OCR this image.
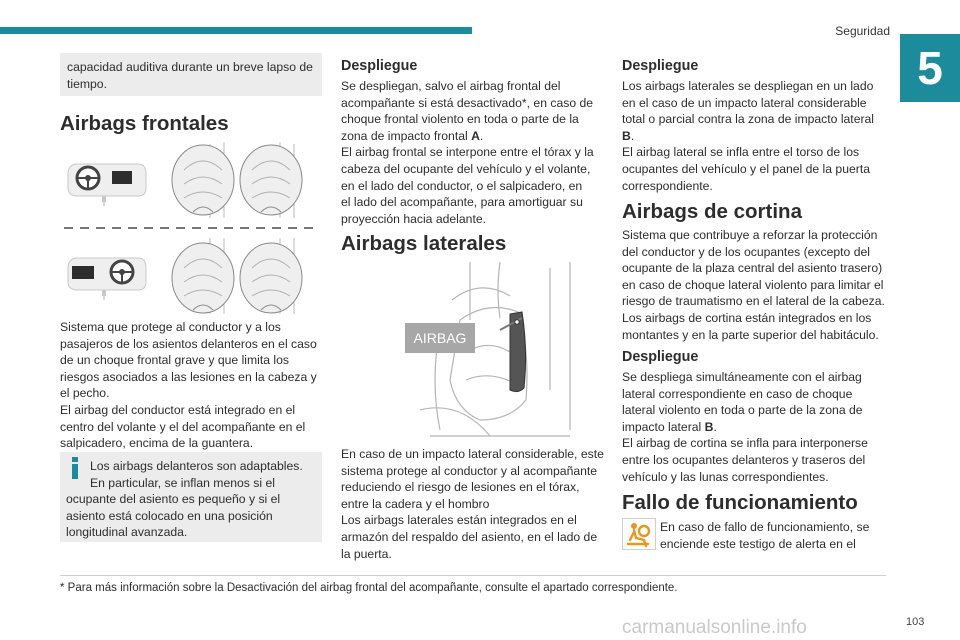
Seguridad
5
capacidad auditiva durante un breve lapso de
tiempo.
Airbags frontales
Sistema que protege al conductor y a los
pasajeros de los asientos delanteros en el caso
de un choque frontal grave y que limita los
riesgos asociados a las lesiones en la cabeza y
el pecho.
El airbag del conductor está integrado en el
centro del volante y el del acompañante en el
salpicadero, encima de la guantera.
Los airbags delanteros son adaptables.
En particular, se inflan menos si el
ocupante del asiento es pequeño y si el
asiento está colocado en una posición
longitudinal avanzada.
Despliegue
Se despliegan, salvo el airbag frontal del
acompañante si está desactivado*, en caso de
choque frontal violento en toda o parte de la
zona de impacto frontal A.
El airbag frontal se interpone entre el tórax y la
cabeza del ocupante del vehículo y el volante,
en el lado del conductor, o el salpicadero, en
el lado del acompañante, para amortiguar su
proyección hacia adelante.
Airbags laterales
AIRBAG
En caso de un impacto lateral considerable, este
sistema protege al conductor y al acompañante
reduciendo el riesgo de lesiones en el tórax,
entre la cadera y el hombro
Los airbags laterales están integrados en el
armazón del respaldo del asiento, en el lado de
la puerta.
Despliegue
Los airbags laterales se despliegan en un lado
en el caso de un impacto lateral considerable
total o parcial contra la zona de impacto lateral
B.
El airbag lateral se infla entre el torso de los
ocupantes del vehículo y el panel de la puerta
correspondiente.
Airbags de cortina
Sistema que contribuye a reforzar la protección
del conductor y de los ocupantes (excepto del
ocupante de la plaza central del asiento trasero)
en caso de choque lateral violento para limitar el
riesgo de traumatismo en el lateral de la cabeza.
Los airbags de cortina están integrados en los
montantes y en la parte superior del habitáculo.
Despliegue
Se despliega simultáneamente con el airbag
lateral correspondiente en caso de choque
lateral violento en toda o parte de la zona de
impacto lateral B.
El airbag de cortina se infla para interponerse
entre los ocupantes delanteros y traseros del
vehículo y las lunas correspondientes.
Fallo de funcionamiento
En caso de fallo de funcionamiento, se
enciende este testigo de alerta en el
* Para más información sobre la Desactivación del airbag frontal del acompañante, consulte el apartado correspondiente.
carmanualsonline.info	103
